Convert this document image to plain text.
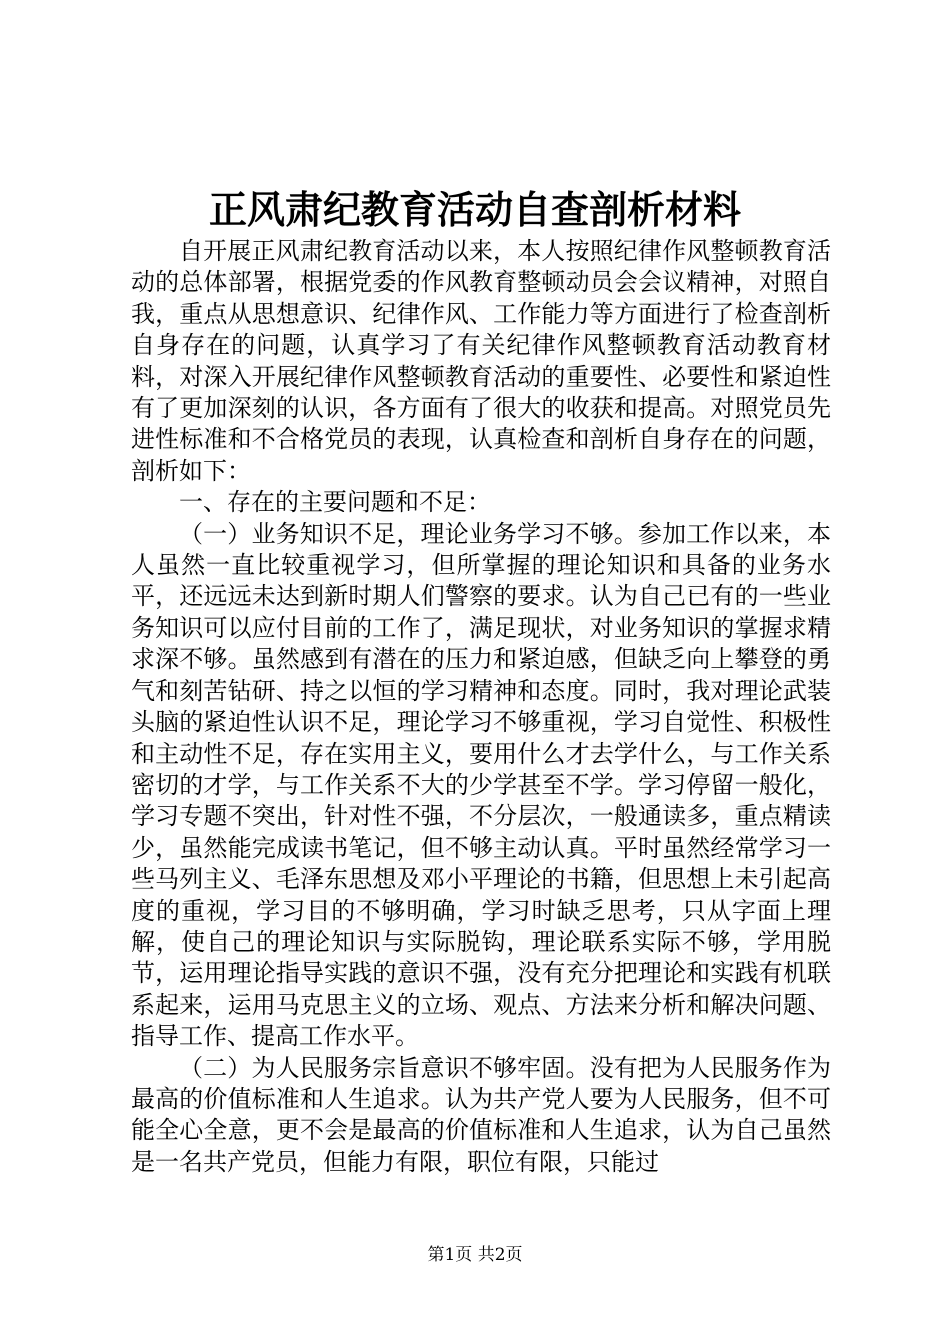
正风肃纪教育活动自查剖析材料

自开展正风肃纪教育活动以来，本人按照纪律作风整顿教育活动的总体部署，根据党委的作风教育整顿动员会会议精神，对照自我，重点从思想意识、纪律作风、工作能力等方面进行了检查剖析自身存在的问题，认真学习了有关纪律作风整顿教育活动教育材料，对深入开展纪律作风整顿教育活动的重要性、必要性和紧迫性有了更加深刻的认识，各方面有了很大的收获和提高。对照党员先进性标准和不合格党员的表现，认真检查和剖析自身存在的问题，剖析如下：

一、存在的主要问题和不足：

（一）业务知识不足，理论业务学习不够。参加工作以来，本人虽然一直比较重视学习，但所掌握的理论知识和具备的业务水平，还远远未达到新时期人们警察的要求。认为自己已有的一些业务知识可以应付目前的工作了，满足现状，对业务知识的掌握求精求深不够。虽然感到有潜在的压力和紧迫感，但缺乏向上攀登的勇气和刻苦钻研、持之以恒的学习精神和态度。同时，我对理论武装头脑的紧迫性认识不足，理论学习不够重视，学习自觉性、积极性和主动性不足，存在实用主义，要用什么才去学什么，与工作关系密切的才学，与工作关系不大的少学甚至不学。学习停留一般化，学习专题不突出，针对性不强，不分层次，一般通读多，重点精读少，虽然能完成读书笔记，但不够主动认真。平时虽然经常学习一些马列主义、毛泽东思想及邓小平理论的书籍，但思想上未引起高度的重视，学习目的不够明确，学习时缺乏思考，只从字面上理解，使自己的理论知识与实际脱钩，理论联系实际不够，学用脱节，运用理论指导实践的意识不强，没有充分把理论和实践有机联系起来，运用马克思主义的立场、观点、方法来分析和解决问题、指导工作、提高工作水平。

（二）为人民服务宗旨意识不够牢固。没有把为人民服务作为最高的价值标准和人生追求。认为共产党人要为人民服务，但不可能全心全意，更不会是最高的价值标准和人生追求，认为自己虽然是一名共产党员，但能力有限，职位有限，只能过

第1页 共2页
